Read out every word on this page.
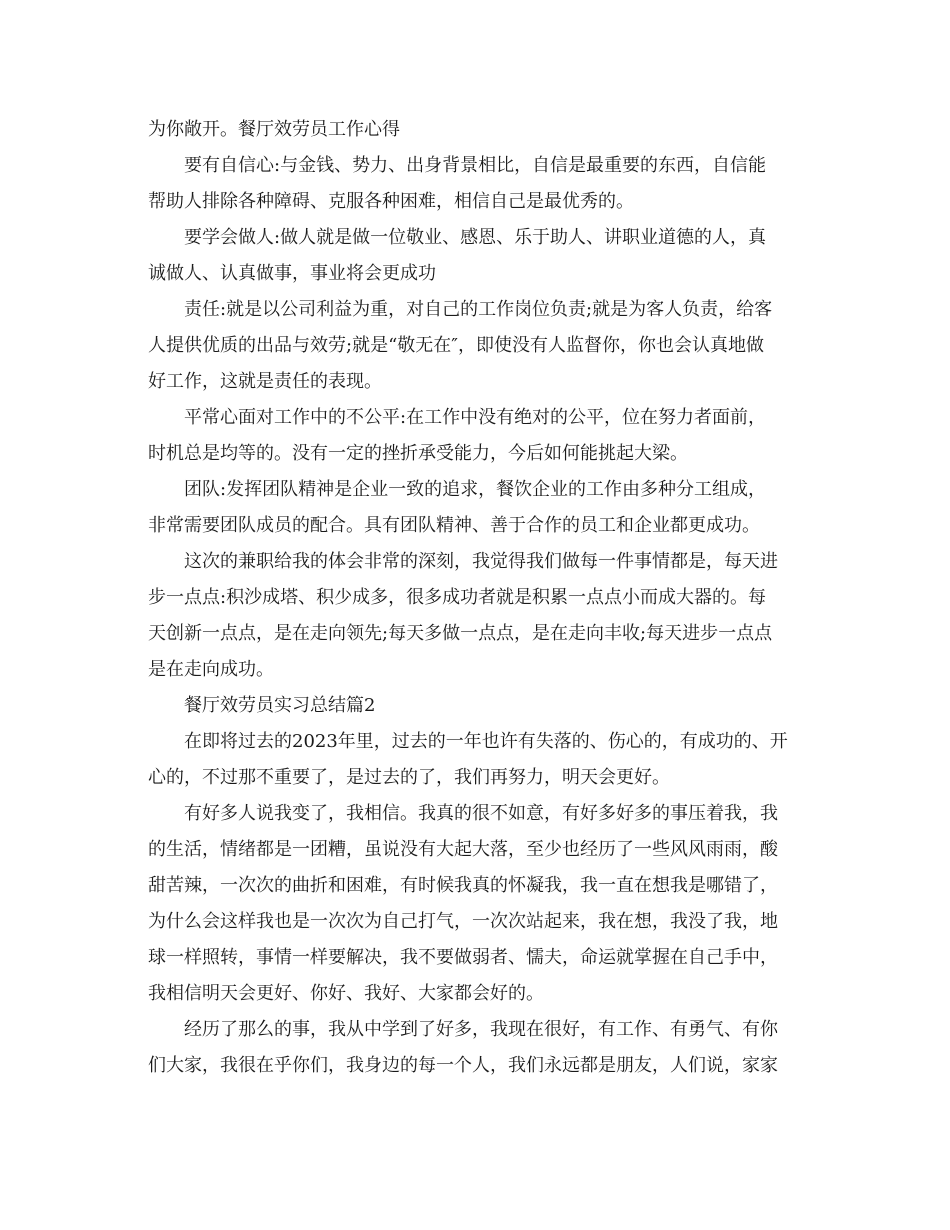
为你敞开。餐厅效劳员工作心得
要有自信心:与金钱、势力、出身背景相比，自信是最重要的东西，自信能
帮助人排除各种障碍、克服各种困难，相信自己是最优秀的。
要学会做人:做人就是做一位敬业、感恩、乐于助人、讲职业道德的人，真
诚做人、认真做事，事业将会更成功
责任:就是以公司利益为重，对自己的工作岗位负责;就是为客人负责，给客
人提供优质的出品与效劳;就是“敬无在″，即使没有人监督你，你也会认真地做
好工作，这就是责任的表现。
平常心面对工作中的不公平:在工作中没有绝对的公平，位在努力者面前，
时机总是均等的。没有一定的挫折承受能力，今后如何能挑起大梁。
团队:发挥团队精神是企业一致的追求，餐饮企业的工作由多种分工组成，
非常需要团队成员的配合。具有团队精神、善于合作的员工和企业都更成功。
这次的兼职给我的体会非常的深刻，我觉得我们做每一件事情都是，每天进
步一点点:积沙成塔、积少成多，很多成功者就是积累一点点小而成大器的。每
天创新一点点，是在走向领先;每天多做一点点，是在走向丰收;每天进步一点点
是在走向成功。
餐厅效劳员实习总结篇2
在即将过去的2023年里，过去的一年也许有失落的、伤心的，有成功的、开
心的，不过那不重要了，是过去的了，我们再努力，明天会更好。
有好多人说我变了，我相信。我真的很不如意，有好多好多的事压着我，我
的生活，情绪都是一团糟，虽说没有大起大落，至少也经历了一些风风雨雨，酸
甜苦辣，一次次的曲折和困难，有时候我真的怀凝我，我一直在想我是哪错了，
为什么会这样我也是一次次为自己打气，一次次站起来，我在想，我没了我，地
球一样照转，事情一样要解决，我不要做弱者、懦夫，命运就掌握在自己手中，
我相信明天会更好、你好、我好、大家都会好的。
经历了那么的事，我从中学到了好多，我现在很好，有工作、有勇气、有你
们大家，我很在乎你们，我身边的每一个人，我们永远都是朋友，人们说，家家
